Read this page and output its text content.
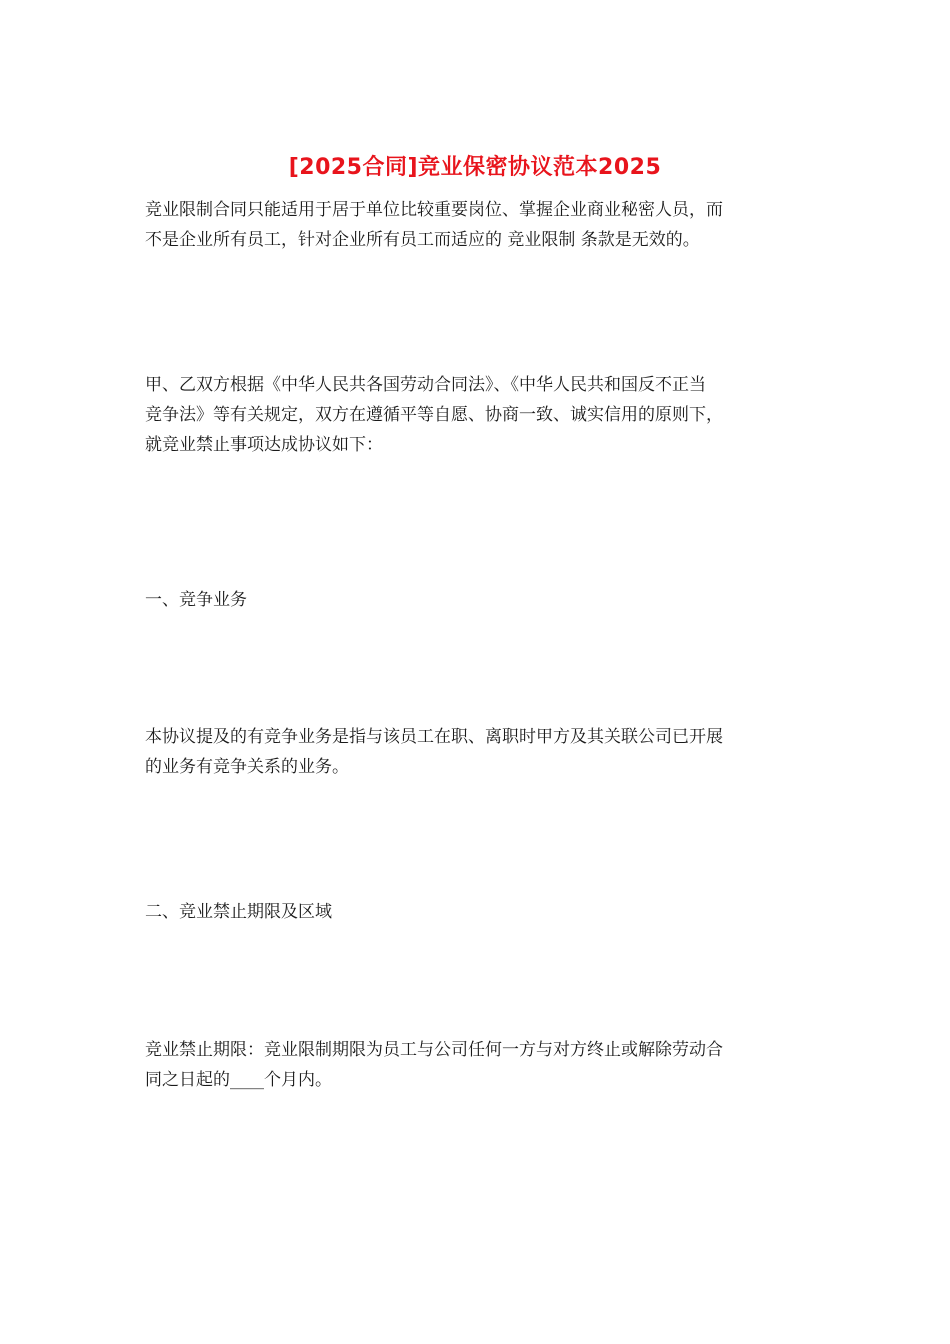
[2025合同]竞业保密协议范本2025
竞业限制合同只能适用于居于单位比较重要岗位、掌握企业商业秘密人员，而
不是企业所有员工，针对企业所有员工而适应的 竞业限制 条款是无效的。
甲、乙双方根据《中华人民共各国劳动合同法》、《中华人民共和国反不正当
竞争法》等有关规定，双方在遵循平等自愿、协商一致、诚实信用的原则下，
就竞业禁止事项达成协议如下：
一、竞争业务
本协议提及的有竞争业务是指与该员工在职、离职时甲方及其关联公司已开展
的业务有竞争关系的业务。
二、竞业禁止期限及区域
竞业禁止期限：竞业限制期限为员工与公司任何一方与对方终止或解除劳动合
同之日起的____个月内。
